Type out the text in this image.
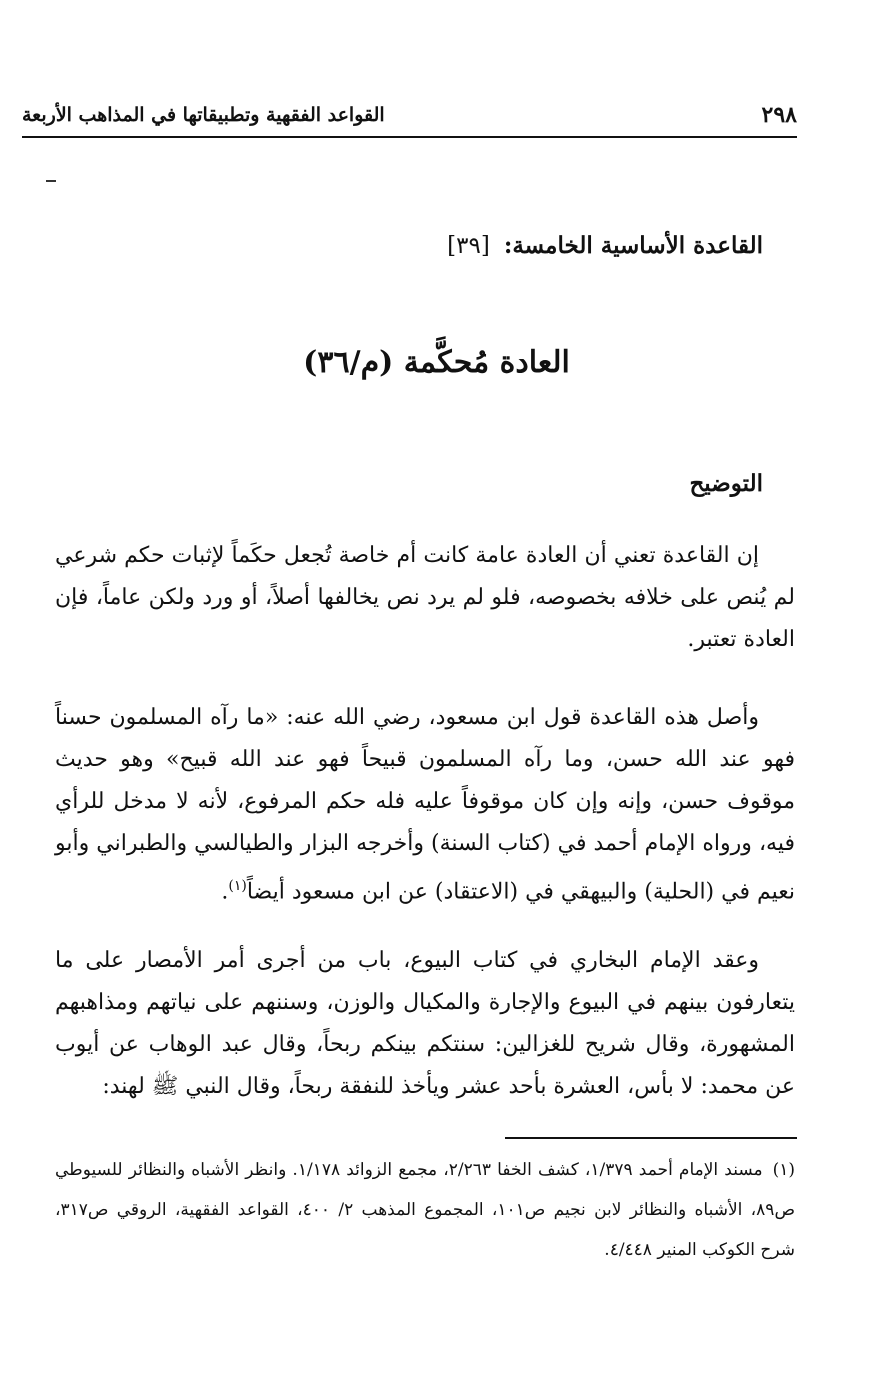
٢٩٨
القواعد الفقهية وتطبيقاتها في المذاهب الأربعة
القاعدة الأساسية الخامسة: [٣٩]
العادة مُحكَّمة (م/٣٦)
التوضيح

إن القاعدة تعني أن العادة عامة كانت أم خاصة تُجعل حكَماً لإثبات حكم شرعي لم يُنص على خلافه بخصوصه، فلو لم يرد نص يخالفها أصلاً، أو ورد ولكن عاماً، فإن العادة تعتبر.

وأصل هذه القاعدة قول ابن مسعود، رضي الله عنه: «ما رآه المسلمون حسناً فهو عند الله حسن، وما رآه المسلمون قبيحاً فهو عند الله قبيح» وهو حديث موقوف حسن، وإنه وإن كان موقوفاً عليه فله حكم المرفوع، لأنه لا مدخل للرأي فيه، ورواه الإمام أحمد في (كتاب السنة) وأخرجه البزار والطيالسي والطبراني وأبو نعيم في (الحلية) والبيهقي في (الاعتقاد) عن ابن مسعود أيضاً$^{(١)}$.

وعقد الإمام البخاري في كتاب البيوع، باب من أجرى أمر الأمصار على ما يتعارفون بينهم في البيوع والإجارة والمكيال والوزن، وسننهم على نياتهم ومذاهبهم المشهورة، وقال شريح للغزالين: سنتكم بينكم ربحاً، وقال عبد الوهاب عن أيوب عن محمد: لا بأس، العشرة بأحد عشر ويأخذ للنفقة ربحاً، وقال النبي ﷺ لهند:

(١)مسند الإمام أحمد ١/٣٧٩، كشف الخفا ٢/٢٦٣، مجمع الزوائد ١/١٧٨. وانظر الأشباه والنظائر للسيوطي ص٨٩، الأشباه والنظائر لابن نجيم ص١٠١، المجموع المذهب ٢/ ٤٠٠، القواعد الفقهية، الروقي ص٣١٧، شرح الكوكب المنير ٤/٤٤٨.
